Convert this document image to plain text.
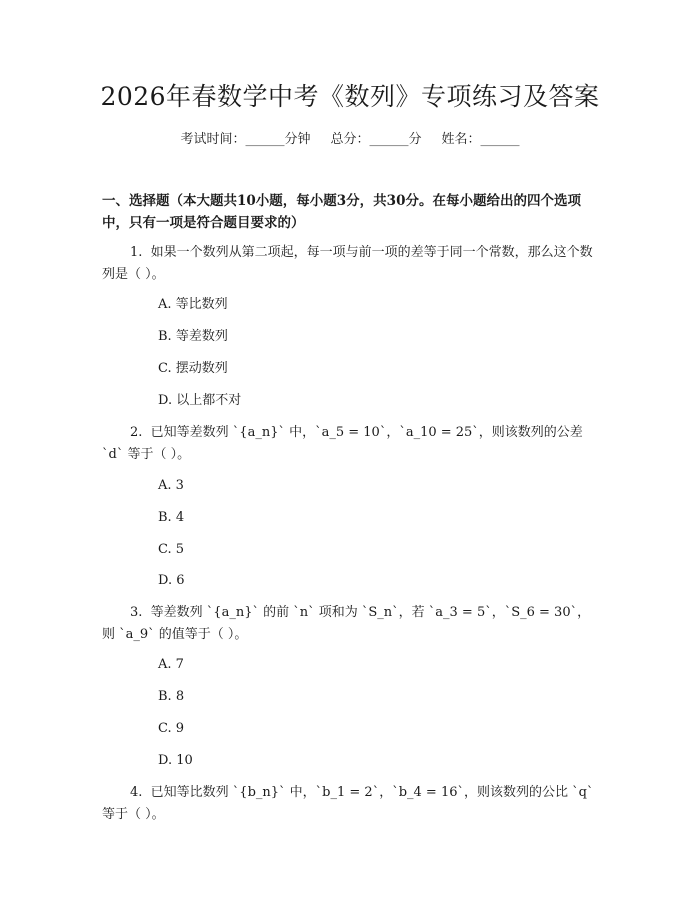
2026年春数学中考《数列》专项练习及答案
考试时间：______分钟 总分：______分 姓名：______
一、选择题（本大题共10小题，每小题3分，共30分。在每小题给出的四个选项中，只有一项是符合题目要求的）
1.  如果一个数列从第二项起，每一项与前一项的差等于同一个常数，那么这个数列是（ ）。
A. 等比数列
B. 等差数列
C. 摆动数列
D. 以上都不对
2.  已知等差数列 `{a_n}` 中，`a_5 = 10`，`a_10 = 25`，则该数列的公差 `d` 等于（ ）。
A. 3
B. 4
C. 5
D. 6
3.  等差数列 `{a_n}` 的前 `n` 项和为 `S_n`，若 `a_3 = 5`，`S_6 = 30`，则 `a_9` 的值等于（ ）。
A. 7
B. 8
C. 9
D. 10
4.  已知等比数列 `{b_n}` 中，`b_1 = 2`，`b_4 = 16`，则该数列的公比 `q` 等于（ ）。
